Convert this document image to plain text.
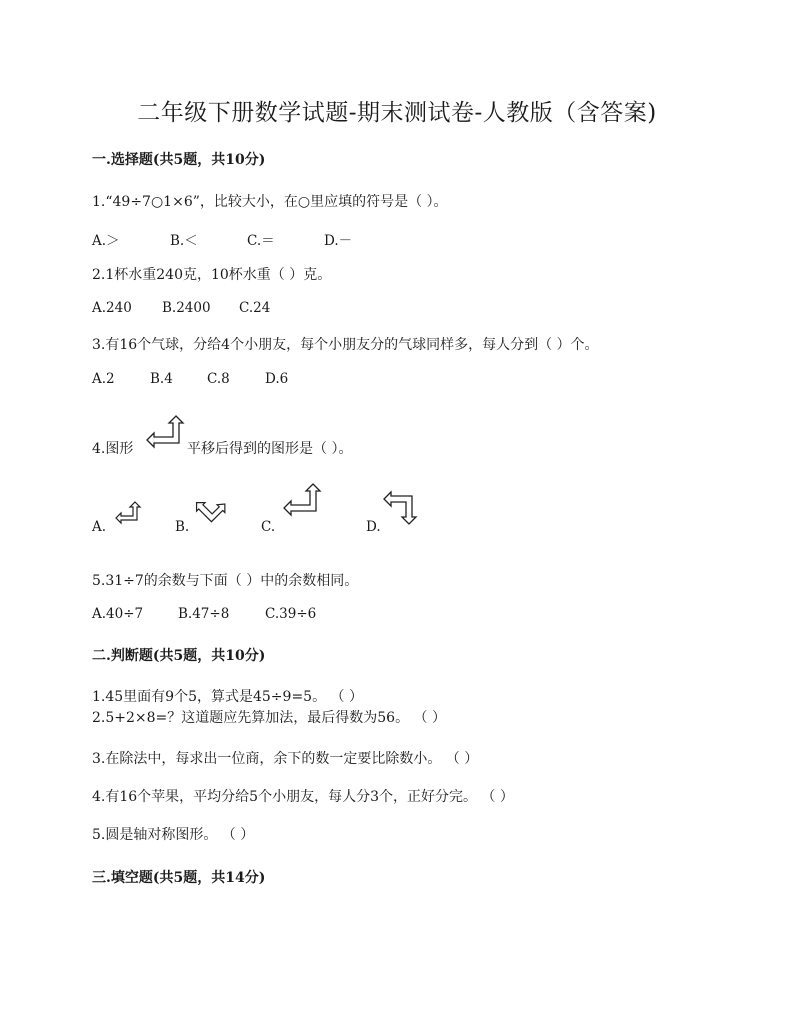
二年级下册数学试题-期末测试卷-人教版（含答案)
一.选择题(共5题，共10分)
1.“49÷7○1×6”，比较大小，在○里应填的符号是（ ）。
A.＞	B.＜	C.＝	D.－
2.1杯水重240克，10杯水重（ ）克。
A.240 B.2400 C.24
3.有16个气球，分给4个小朋友，每个小朋友分的气球同样多，每人分到（ ）个。
A.2	B.4	C.8	D.6
4.图形	平移后得到的图形是（ ）。
A.	B.	C.	D.
5.31÷7的余数与下面（ ）中的余数相同。
A.40÷7	B.47÷8	C.39÷6
二.判断题(共5题，共10分)
1.45里面有9个5，算式是45÷9=5。 （ ）
2.5+2×8=？这道题应先算加法，最后得数为56。 （ ）
3.在除法中，每求出一位商，余下的数一定要比除数小。 （ ）
4.有16个苹果，平均分给5个小朋友，每人分3个，正好分完。 （ ）
5.圆是轴对称图形。 （ ）
三.填空题(共5题，共14分)
